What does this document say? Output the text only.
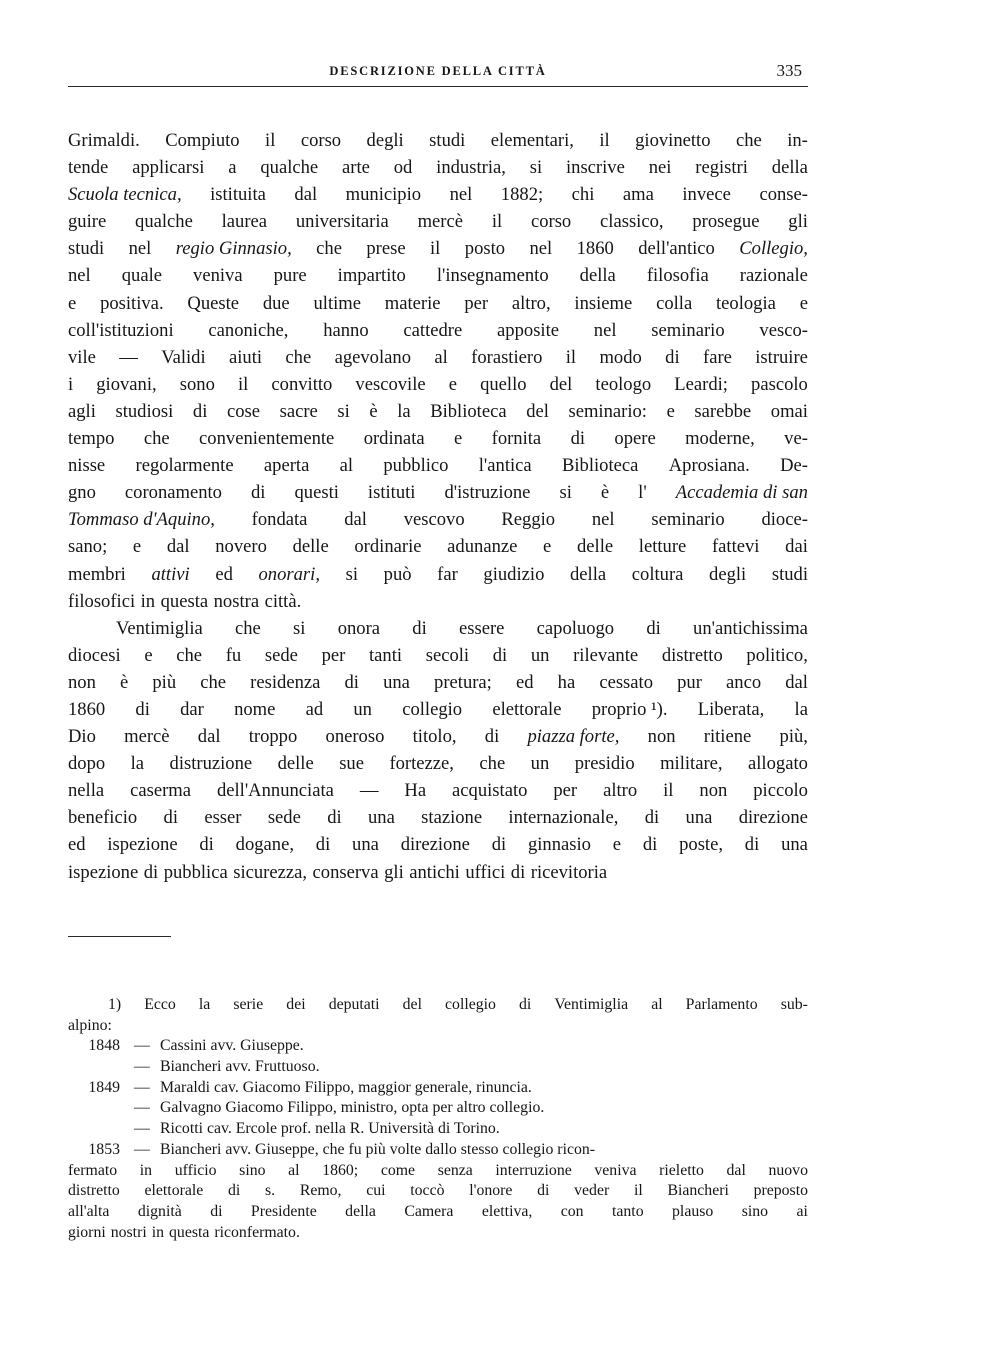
DESCRIZIONE DELLA CITTÀ	335
Grimaldi. Compiuto il corso degli studi elementari, il giovinetto che in-
tende applicarsi a qualche arte od industria, si inscrive nei registri della
Scuola tecnica, istituita dal municipio nel 1882; chi ama invece conse-
guire qualche laurea universitaria mercè il corso classico, prosegue gli
studi nel regio Ginnasio, che prese il posto nel 1860 dell'antico Collegio,
nel quale veniva pure impartito l'insegnamento della filosofia razionale
e positiva. Queste due ultime materie per altro, insieme colla teologia e
coll'istituzioni canoniche, hanno cattedre apposite nel seminario vesco-
vile — Validi aiuti che agevolano al forastiero il modo di fare istruire
i giovani, sono il convitto vescovile e quello del teologo Leardi; pascolo
agli studiosi di cose sacre si è la Biblioteca del seminario: e sarebbe omai
tempo che convenientemente ordinata e fornita di opere moderne, ve-
nisse regolarmente aperta al pubblico l'antica Biblioteca Aprosiana. De-
gno coronamento di questi istituti d'istruzione si è l' Accademia di san
Tommaso d'Aquino, fondata dal vescovo Reggio nel seminario dioce-
sano; e dal novero delle ordinarie adunanze e delle letture fattevi dai
membri attivi ed onorari, si può far giudizio della coltura degli studi
filosofici in questa nostra città.
Ventimiglia che si onora di essere capoluogo di un'antichissima
diocesi e che fu sede per tanti secoli di un rilevante distretto politico,
non è più che residenza di una pretura; ed ha cessato pur anco dal
1860 di dar nome ad un collegio elettorale proprio ¹). Liberata, la
Dio mercè dal troppo oneroso titolo, di piazza forte, non ritiene più,
dopo la distruzione delle sue fortezze, che un presidio militare, allogato
nella caserma dell'Annunciata — Ha acquistato per altro il non piccolo
beneficio di esser sede di una stazione internazionale, di una direzione
ed ispezione di dogane, di una direzione di ginnasio e di poste, di una
ispezione di pubblica sicurezza, conserva gli antichi uffici di ricevitoria
1) Ecco la serie dei deputati del collegio di Ventimiglia al Parlamento sub-
alpino:
1848 — Cassini avv. Giuseppe.
— Biancheri avv. Fruttuoso.
1849 — Maraldi cav. Giacomo Filippo, maggior generale, rinuncia.
— Galvagno Giacomo Filippo, ministro, opta per altro collegio.
— Ricotti cav. Ercole prof. nella R. Università di Torino.
1853 — Biancheri avv. Giuseppe, che fu più volte dallo stesso collegio ricon-
fermato in ufficio sino al 1860; come senza interruzione veniva rieletto dal nuovo
distretto elettorale di s. Remo, cui toccò l'onore di veder il Biancheri preposto
all'alta dignità di Presidente della Camera elettiva, con tanto plauso sino ai
giorni nostri in questa riconfermato.
